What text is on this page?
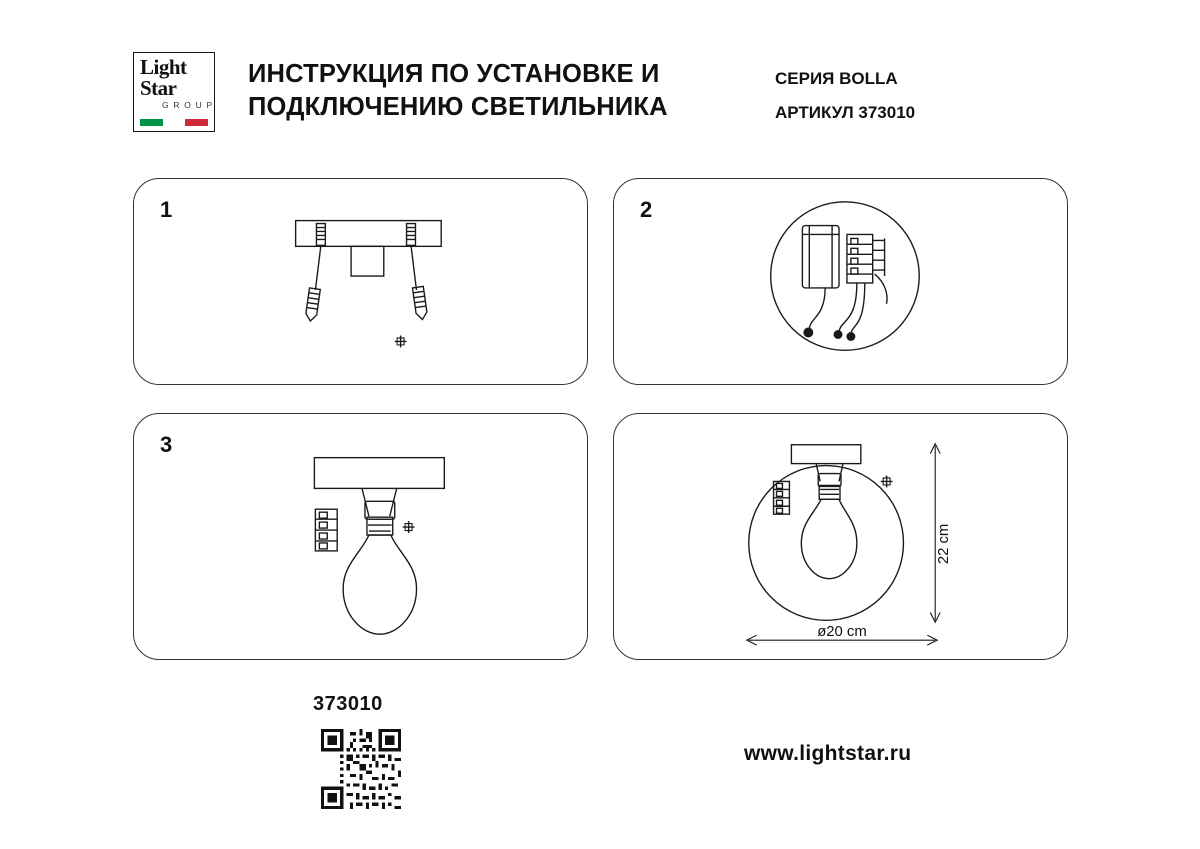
Light
Star
G R O U P
ИНСТРУКЦИЯ ПО УСТАНОВКЕ И
ПОДКЛЮЧЕНИЮ СВЕТИЛЬНИКА
СЕРИЯ BOLLA
АРТИКУЛ 373010
1	2
3
22 cm
ø20 cm
373010
www.lightstar.ru
